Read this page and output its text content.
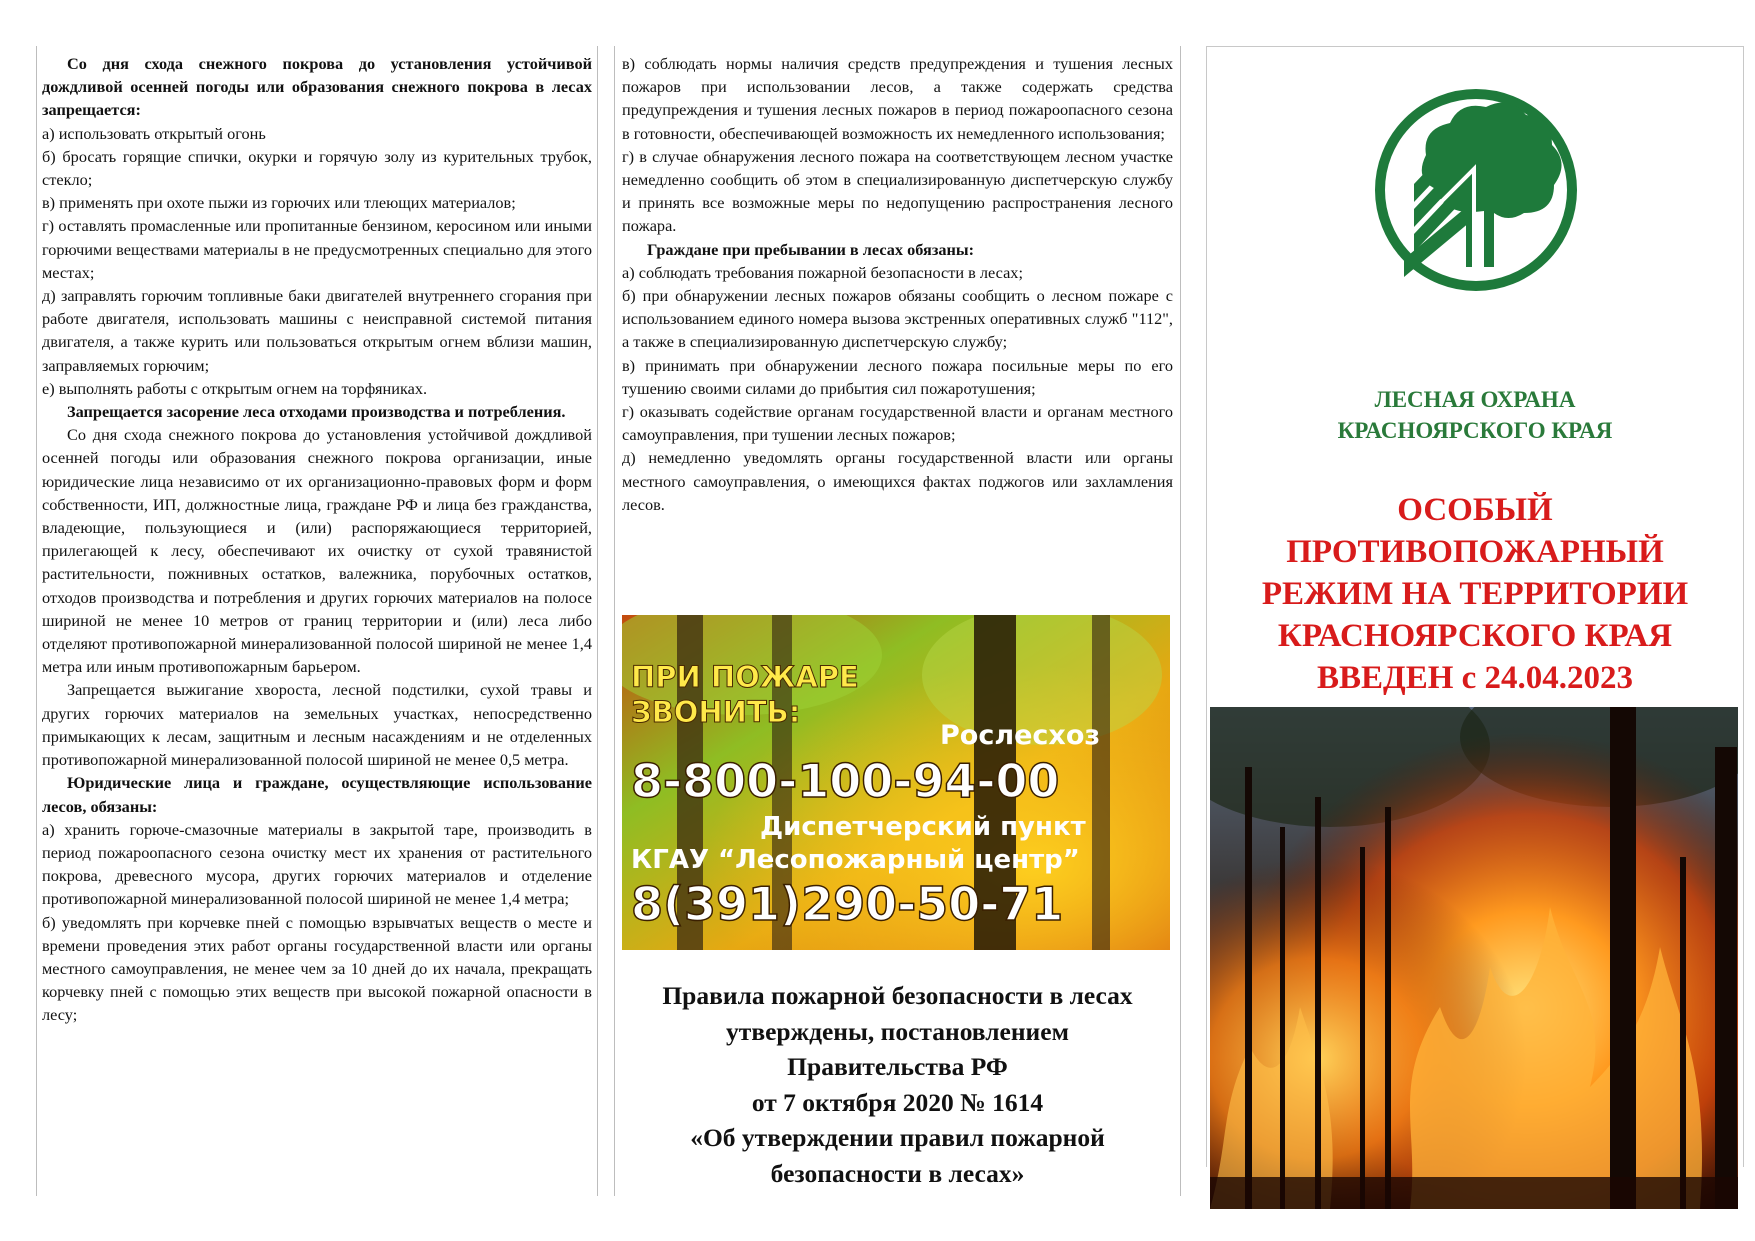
Со дня схода снежного покрова до установления устойчивой дождливой осенней погоды или образования снежного покрова в лесах запрещается:

а) использовать открытый огонь

б) бросать горящие спички, окурки и горячую золу из курительных трубок, стекло;

в) применять при охоте пыжи из горючих или тлеющих материалов;

г) оставлять промасленные или пропитанные бензином, керосином или иными горючими веществами материалы в не предусмотренных специально для этого местах;

д) заправлять горючим топливные баки двигателей внутреннего сгорания при работе двигателя, использовать машины с неисправной системой питания двигателя, а также курить или пользоваться открытым огнем вблизи машин, заправляемых горючим;

е) выполнять работы с открытым огнем на торфяниках.

Запрещается засорение леса отходами производства и потребления.

Со дня схода снежного покрова до установления устойчивой дождливой осенней погоды или образования снежного покрова организации, иные юридические лица независимо от их организационно-правовых форм и форм собственности, ИП, должностные лица, граждане РФ и лица без гражданства, владеющие, пользующиеся и (или) распоряжающиеся территорией, прилегающей к лесу, обеспечивают их очистку от сухой травянистой растительности, пожнивных остатков, валежника, порубочных остатков, отходов производства и потребления и других горючих материалов на полосе шириной не менее 10 метров от границ территории и (или) леса либо отделяют противопожарной минерализованной полосой шириной не менее 1,4 метра или иным противопожарным барьером.

Запрещается выжигание хвороста, лесной подстилки, сухой травы и других горючих материалов на земельных участках, непосредственно примыкающих к лесам, защитным и лесным насаждениям и не отделенных противопожарной минерализованной полосой шириной не менее 0,5 метра.

Юридические лица и граждане, осуществляющие использование лесов, обязаны:

а) хранить горюче-смазочные материалы в закрытой таре, производить в период пожароопасного сезона очистку мест их хранения от растительного покрова, древесного мусора, других горючих материалов и отделение противопожарной минерализованной полосой шириной не менее 1,4 метра;

б) уведомлять при корчевке пней с помощью взрывчатых веществ о месте и времени проведения этих работ органы государственной власти или органы местного самоуправления, не менее чем за 10 дней до их начала, прекращать корчевку пней с помощью этих веществ при высокой пожарной опасности в лесу;

в) соблюдать нормы наличия средств предупреждения и тушения лесных пожаров при использовании лесов, а также содержать средства предупреждения и тушения лесных пожаров в период пожароопасного сезона в готовности, обеспечивающей возможность их немедленного использования;

г) в случае обнаружения лесного пожара на соответствующем лесном участке немедленно сообщить об этом в специализированную диспетчерскую службу и принять все возможные меры по недопущению распространения лесного пожара.

Граждане при пребывании в лесах обязаны:

а) соблюдать требования пожарной безопасности в лесах;

б) при обнаружении лесных пожаров обязаны сообщить о лесном пожаре с использованием единого номера вызова экстренных оперативных служб "112", а также в специализированную диспетчерскую службу;

в) принимать при обнаружении лесного пожара посильные меры по его тушению своими силами до прибытия сил пожаротушения;

г) оказывать содействие органам государственной власти и органам местного самоуправления, при тушении лесных пожаров;

д) немедленно уведомлять органы государственной власти или органы местного самоуправления, о имеющихся фактах поджогов или захламления лесов.

ПРИ ПОЖАРЕ
ЗВОНИТЬ:
Рослесхоз
8-800-100-94-00
Диспетчерский пункт
КГАУ “Лесопожарный центр”
8(391)290-50-71
Правила пожарной безопасности в лесах
утверждены, постановлением
Правительства РФ
от 7 октября 2020 № 1614
«Об утверждении правил пожарной
безопасности в лесах»
ЛЕСНАЯ ОХРАНА
КРАСНОЯРСКОГО КРАЯ
ОСОБЫЙ
ПРОТИВОПОЖАРНЫЙ
РЕЖИМ НА ТЕРРИТОРИИ
КРАСНОЯРСКОГО КРАЯ
ВВЕДЕН с 24.04.2023
